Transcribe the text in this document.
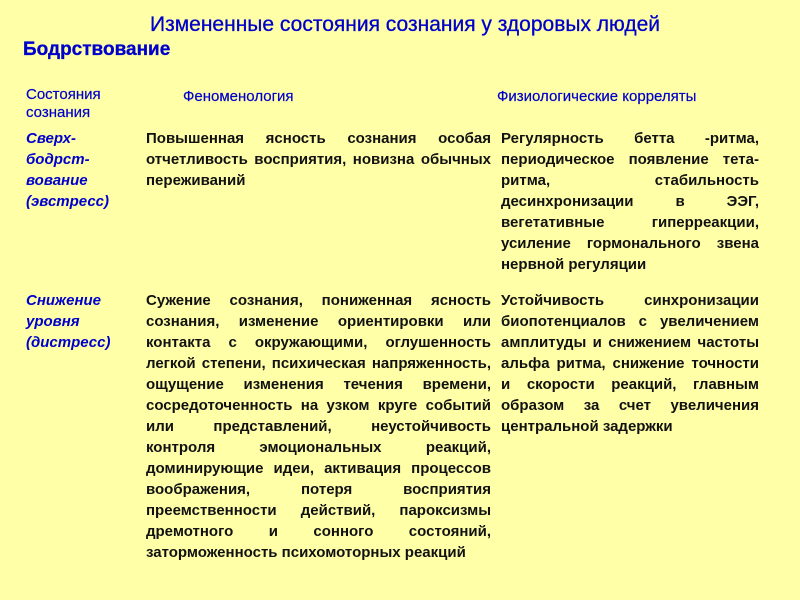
Измененные состояния сознания у здоровых людей
Бодрствование
Состояния сознания
Феноменология	Физиологические корреляты
Сверх-бодрст-вование (эвстресс)
Повышенная ясность сознания особая отчетливость восприятия, новизна обычных переживаний
Регулярность бетта -ритма, периодическое появление тета-ритма, стабильность десинхронизации в ЭЭГ, вегетативные гиперреакции, усиление гормонального звена нервной регуляции
Снижение уровня (дистресс)
Сужение сознания, пониженная ясность сознания, изменение ориентировки или контакта с окружающими, оглушенность легкой степени, психическая напряженность, ощущение изменения течения времени, сосредоточенность на узком круге событий или представлений, неустойчивость контроля эмоциональных реакций, доминирующие идеи, активация процессов воображения, потеря восприятия преемственности действий, пароксизмы дремотного и сонного состояний, заторможенность психомоторных реакций
Устойчивость синхронизации биопотенциалов с увеличением амплитуды и снижением частоты альфа ритма, снижение точности и скорости реакций, главным образом за счет увеличения центральной задержки
